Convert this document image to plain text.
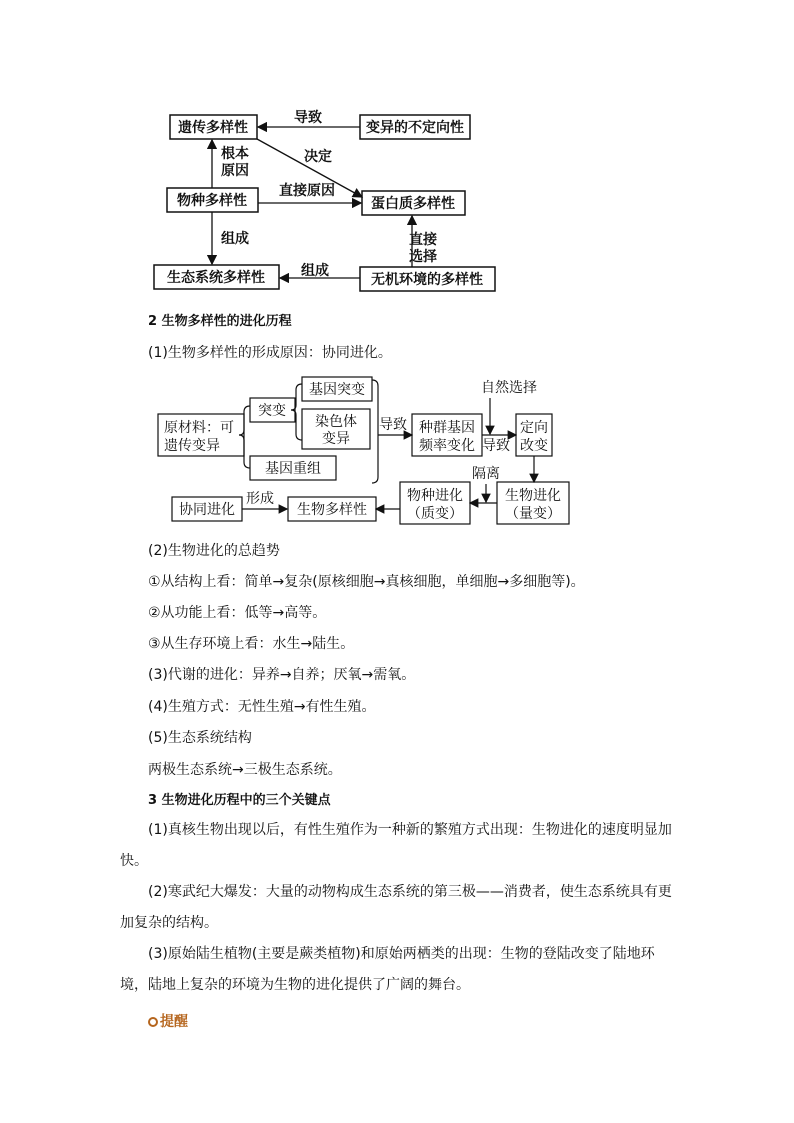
遗传多样性	变异的不定向性
物种多样性	蛋白质多样性
生态系统多样性	无机环境的多样性
导致
根本
原因
决定
直接原因
组成	直接
选择
组成
2 生物多样性的进化历程
(1)生物多样性的形成原因：协同进化。
原材料：可
遗传变异
突变
基因突变
染色体
变异
基因重组
导致 种群基因
频率变化
自然选择
导致
定向
改变
生物进化
（量变）
隔离
物种进化
（质变）
生物多样性
形成
协同进化
(2)生物进化的总趋势
①从结构上看：简单→复杂(原核细胞→真核细胞，单细胞→多细胞等)。
②从功能上看：低等→高等。
③从生存环境上看：水生→陆生。
(3)代谢的进化：异养→自养；厌氧→需氧。
(4)生殖方式：无性生殖→有性生殖。
(5)生态系统结构
两极生态系统→三极生态系统。
3 生物进化历程中的三个关键点
(1)真核生物出现以后，有性生殖作为一种新的繁殖方式出现：生物进化的速度明显加快。
(2)寒武纪大爆发：大量的动物构成生态系统的第三极——消费者，使生态系统具有更加复杂的结构。
(3)原始陆生植物(主要是蕨类植物)和原始两栖类的出现：生物的登陆改变了陆地环境，陆地上复杂的环境为生物的进化提供了广阔的舞台。
提醒
